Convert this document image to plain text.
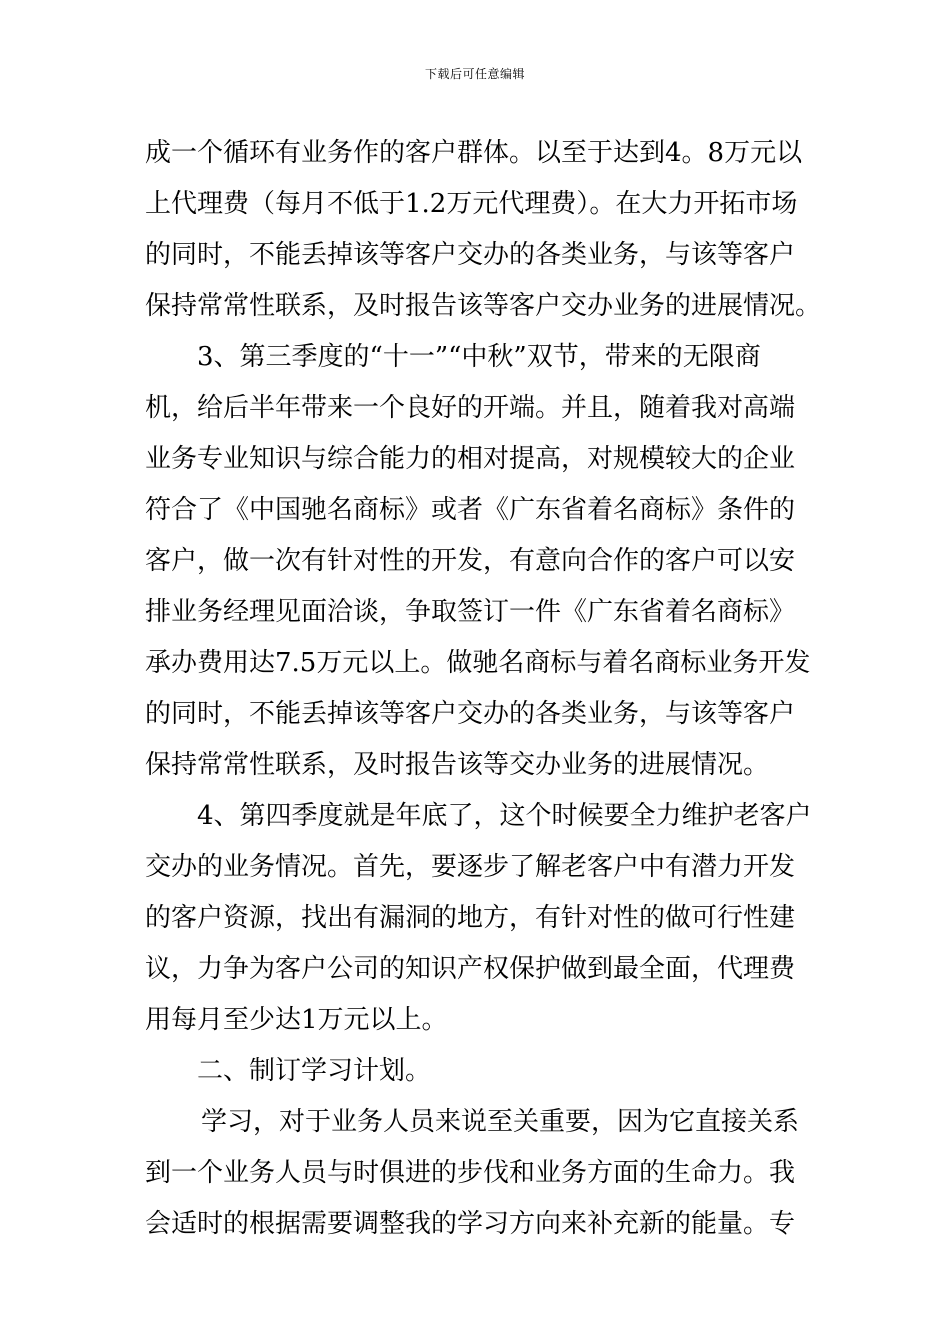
下载后可任意编辑
成一个循环有业务作的客户群体。以至于达到4。8万元以
上代理费（每月不低于1.2万元代理费）。在大力开拓市场
的同时，不能丢掉该等客户交办的各类业务，与该等客户
保持常常性联系，及时报告该等客户交办业务的进展情况。
3、第三季度的“十一”“中秋”双节，带来的无限商
机，给后半年带来一个良好的开端。并且，随着我对高端
业务专业知识与综合能力的相对提高，对规模较大的企业
符合了《中国驰名商标》或者《广东省着名商标》条件的
客户，做一次有针对性的开发，有意向合作的客户可以安
排业务经理见面洽谈，争取签订一件《广东省着名商标》
承办费用达7.5万元以上。做驰名商标与着名商标业务开发
的同时，不能丢掉该等客户交办的各类业务，与该等客户
保持常常性联系，及时报告该等交办业务的进展情况。
4、第四季度就是年底了，这个时候要全力维护老客户
交办的业务情况。首先，要逐步了解老客户中有潜力开发
的客户资源，找出有漏洞的地方，有针对性的做可行性建
议，力争为客户公司的知识产权保护做到最全面，代理费
用每月至少达1万元以上。
二、制订学习计划。
学习，对于业务人员来说至关重要，因为它直接关系
到一个业务人员与时俱进的步伐和业务方面的生命力。我
会适时的根据需要调整我的学习方向来补充新的能量。专
